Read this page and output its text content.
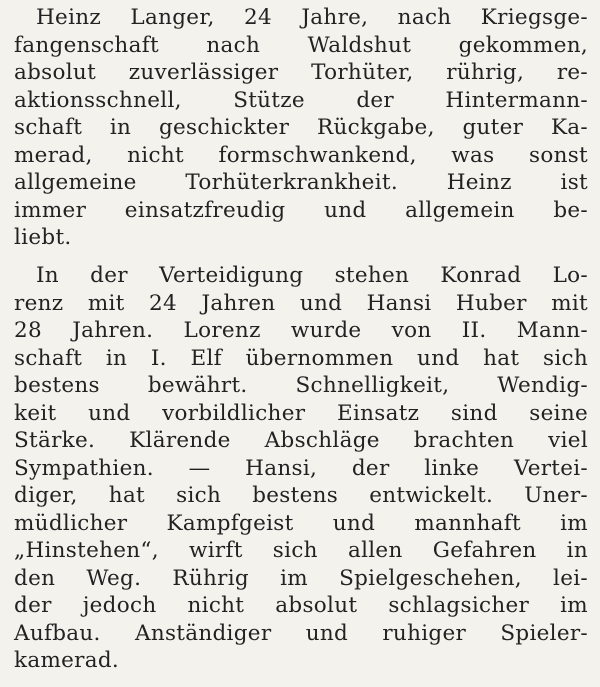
Heinz Langer, 24 Jahre, nach Kriegsge-
fangenschaft nach Waldshut gekommen,
absolut zuverlässiger Torhüter, rührig, re-
aktionsschnell, Stütze der Hintermann-
schaft in geschickter Rückgabe, guter Ka-
merad, nicht formschwankend, was sonst
allgemeine Torhüterkrankheit. Heinz ist
immer einsatzfreudig und allgemein be-
liebt.

In der Verteidigung stehen Konrad Lo-
renz mit 24 Jahren und Hansi Huber mit
28 Jahren. Lorenz wurde von II. Mann-
schaft in I. Elf übernommen und hat sich
bestens bewährt. Schnelligkeit, Wendig-
keit und vorbildlicher Einsatz sind seine
Stärke. Klärende Abschläge brachten viel
Sympathien. — Hansi, der linke Vertei-
diger, hat sich bestens entwickelt. Uner-
müdlicher Kampfgeist und mannhaft im
„Hinstehen“, wirft sich allen Gefahren in
den Weg. Rührig im Spielgeschehen, lei-
der jedoch nicht absolut schlagsicher im
Aufbau. Anständiger und ruhiger Spieler-
kamerad.
